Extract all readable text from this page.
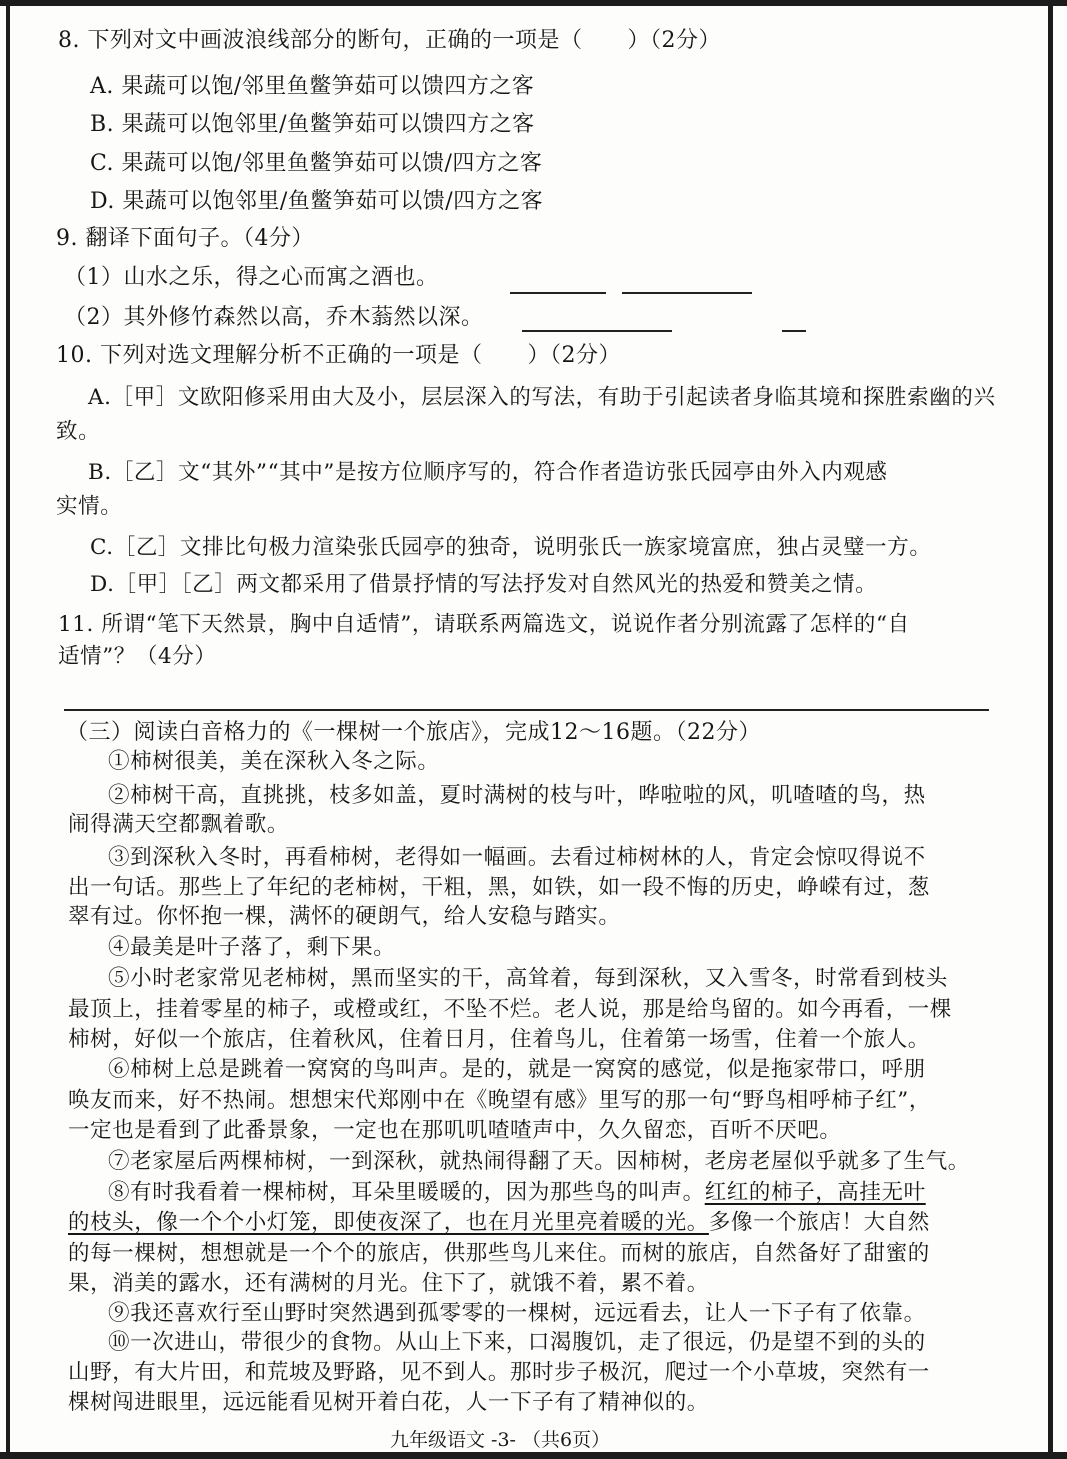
8. 下列对文中画波浪线部分的断句，正确的一项是（　　）（2分）
A. 果蔬可以饱/邻里鱼鳖笋茹可以馈四方之客
B. 果蔬可以饱邻里/鱼鳖笋茹可以馈四方之客
C. 果蔬可以饱/邻里鱼鳖笋茹可以馈/四方之客
D. 果蔬可以饱邻里/鱼鳖笋茹可以馈/四方之客
9. 翻译下面句子。（4分）
（1）山水之乐，得之心而寓之酒也。
（2）其外修竹森然以高，乔木蓊然以深。
10. 下列对选文理解分析不正确的一项是（　　）（2分）
A.［甲］文欧阳修采用由大及小，层层深入的写法，有助于引起读者身临其境和探胜索幽的兴
致。
B.［乙］文“其外”“其中”是按方位顺序写的，符合作者造访张氏园亭由外入内观感
实情。
C.［乙］文排比句极力渲染张氏园亭的独奇，说明张氏一族家境富庶，独占灵璧一方。
D.［甲］［乙］两文都采用了借景抒情的写法抒发对自然风光的热爱和赞美之情。
11. 所谓“笔下天然景，胸中自适情”，请联系两篇选文，说说作者分别流露了怎样的“自
适情”？（4分）
（三）阅读白音格力的《一棵树一个旅店》，完成12～16题。（22分）
①柿树很美，美在深秋入冬之际。
②柿树干高，直挑挑，枝多如盖，夏时满树的枝与叶，哗啦啦的风，叽喳喳的鸟，热
闹得满天空都飘着歌。
③到深秋入冬时，再看柿树，老得如一幅画。去看过柿树林的人，肯定会惊叹得说不
出一句话。那些上了年纪的老柿树，干粗，黑，如铁，如一段不悔的历史，峥嵘有过，葱
翠有过。你怀抱一棵，满怀的硬朗气，给人安稳与踏实。
④最美是叶子落了，剩下果。
⑤小时老家常见老柿树，黑而坚实的干，高耸着，每到深秋，又入雪冬，时常看到枝头
最顶上，挂着零星的柿子，或橙或红，不坠不烂。老人说，那是给鸟留的。如今再看，一棵
柿树，好似一个旅店，住着秋风，住着日月，住着鸟儿，住着第一场雪，住着一个旅人。
⑥柿树上总是跳着一窝窝的鸟叫声。是的，就是一窝窝的感觉，似是拖家带口，呼朋
唤友而来，好不热闹。想想宋代郑刚中在《晚望有感》里写的那一句“野鸟相呼柿子红”，
一定也是看到了此番景象，一定也在那叽叽喳喳声中，久久留恋，百听不厌吧。
⑦老家屋后两棵柿树，一到深秋，就热闹得翻了天。因柿树，老房老屋似乎就多了生气。
⑧有时我看着一棵柿树，耳朵里暖暖的，因为那些鸟的叫声。红红的柿子，高挂无叶
的枝头，像一个个小灯笼，即使夜深了，也在月光里亮着暖的光。多像一个旅店！大自然
的每一棵树，想想就是一个个的旅店，供那些鸟儿来住。而树的旅店，自然备好了甜蜜的
果，消美的露水，还有满树的月光。住下了，就饿不着，累不着。
⑨我还喜欢行至山野时突然遇到孤零零的一棵树，远远看去，让人一下子有了依靠。
⑩一次进山，带很少的食物。从山上下来，口渴腹饥，走了很远，仍是望不到的头的
山野，有大片田，和荒坡及野路，见不到人。那时步子极沉，爬过一个小草坡，突然有一
棵树闯进眼里，远远能看见树开着白花，人一下子有了精神似的。
九年级语文 -3- （共6页）
